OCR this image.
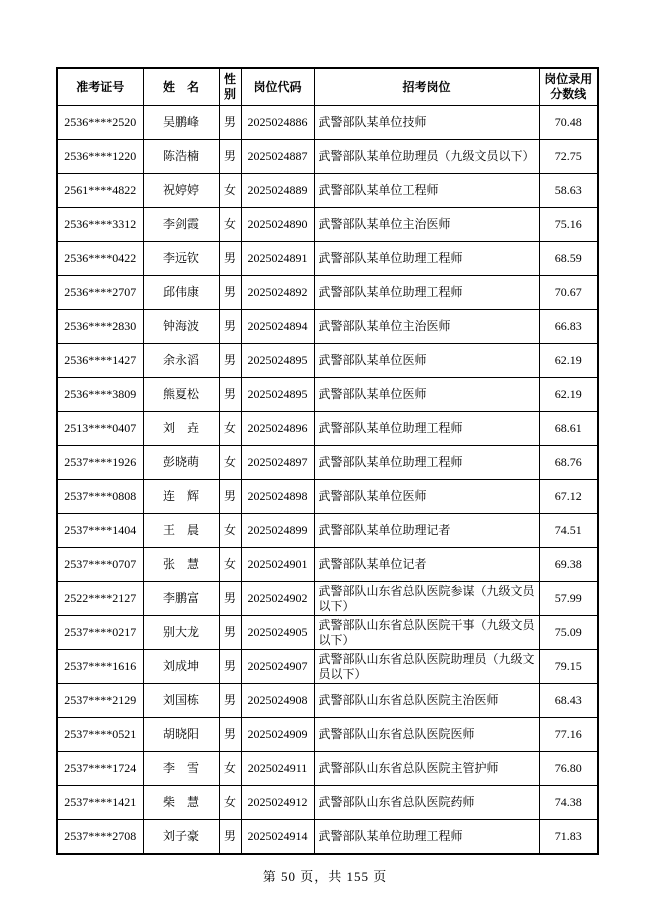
准考证号	姓　名	性别	岗位代码	招考岗位	岗位录用分数线
2536****2520	吴鹏峰	男	2025024886	武警部队某单位技师	70.48
2536****1220	陈浩楠	男	2025024887	武警部队某单位助理员（九级文员以下）	72.75
2561****4822	祝婷婷	女	2025024889	武警部队某单位工程师	58.63
2536****3312	李剑霞	女	2025024890	武警部队某单位主治医师	75.16
2536****0422	李远钦	男	2025024891	武警部队某单位助理工程师	68.59
2536****2707	邱伟康	男	2025024892	武警部队某单位助理工程师	70.67
2536****2830	钟海波	男	2025024894	武警部队某单位主治医师	66.83
2536****1427	余永滔	男	2025024895	武警部队某单位医师	62.19
2536****3809	熊夏松	男	2025024895	武警部队某单位医师	62.19
2513****0407	刘　垚	女	2025024896	武警部队某单位助理工程师	68.61
2537****1926	彭晓萌	女	2025024897	武警部队某单位助理工程师	68.76
2537****0808	连　辉	男	2025024898	武警部队某单位医师	67.12
2537****1404	王　晨	女	2025024899	武警部队某单位助理记者	74.51
2537****0707	张　慧	女	2025024901	武警部队某单位记者	69.38
2522****2127	李鹏富	男	2025024902	武警部队山东省总队医院参谋（九级文员以下）	57.99
2537****0217	别大龙	男	2025024905	武警部队山东省总队医院干事（九级文员以下）	75.09
2537****1616	刘成坤	男	2025024907	武警部队山东省总队医院助理员（九级文员以下）	79.15
2537****2129	刘国栋	男	2025024908	武警部队山东省总队医院主治医师	68.43
2537****0521	胡晓阳	男	2025024909	武警部队山东省总队医院医师	77.16
2537****1724	李　雪	女	2025024911	武警部队山东省总队医院主管护师	76.80
2537****1421	柴　慧	女	2025024912	武警部队山东省总队医院药师	74.38
2537****2708	刘子豪	男	2025024914	武警部队某单位助理工程师	71.83
第 50 页，共 155 页
